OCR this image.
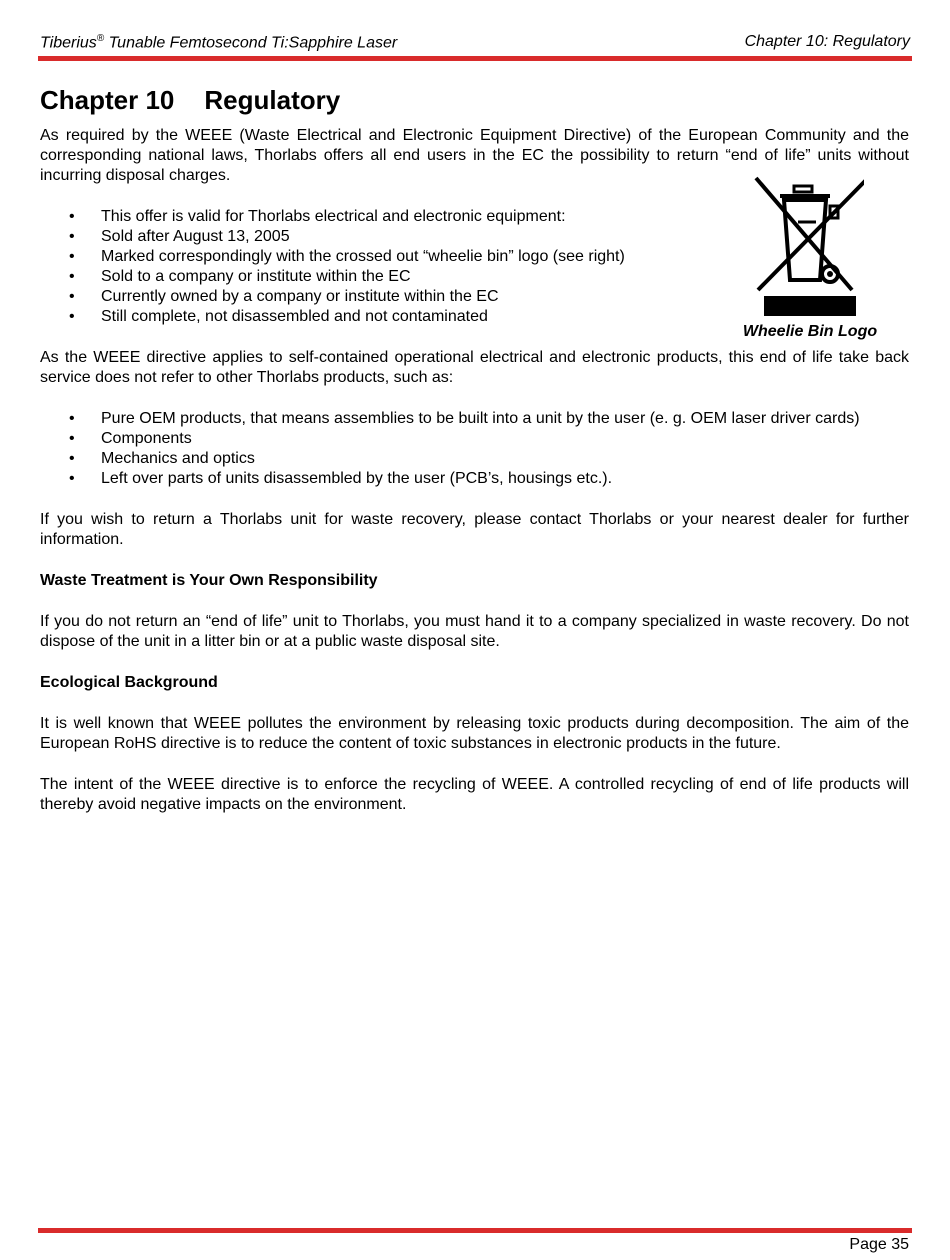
Tiberius® Tunable Femtosecond Ti:Sapphire Laser	Chapter 10: Regulatory
Chapter 10 Regulatory

As required by the WEEE (Waste Electrical and Electronic Equipment Directive) of the European Community and the corresponding national laws, Thorlabs offers all end users in the EC the possibility to return “end of life” units without incurring disposal charges.

• This offer is valid for Thorlabs electrical and electronic equipment:
• Sold after August 13, 2005
• Marked correspondingly with the crossed out “wheelie bin” logo (see right)
• Sold to a company or institute within the EC
• Currently owned by a company or institute within the EC
• Still complete, not disassembled and not contaminated
Wheelie Bin Logo

As the WEEE directive applies to self-contained operational electrical and electronic products, this end of life take back service does not refer to other Thorlabs products, such as:

• Pure OEM products, that means assemblies to be built into a unit by the user (e. g. OEM laser driver cards)
• Components
• Mechanics and optics
• Left over parts of units disassembled by the user (PCB’s, housings etc.).

If you wish to return a Thorlabs unit for waste recovery, please contact Thorlabs or your nearest dealer for further information.

Waste Treatment is Your Own Responsibility

If you do not return an “end of life” unit to Thorlabs, you must hand it to a company specialized in waste recovery. Do not dispose of the unit in a litter bin or at a public waste disposal site.

Ecological Background

It is well known that WEEE pollutes the environment by releasing toxic products during decomposition. The aim of the European RoHS directive is to reduce the content of toxic substances in electronic products in the future.

The intent of the WEEE directive is to enforce the recycling of WEEE. A controlled recycling of end of life products will thereby avoid negative impacts on the environment.

Page 35
